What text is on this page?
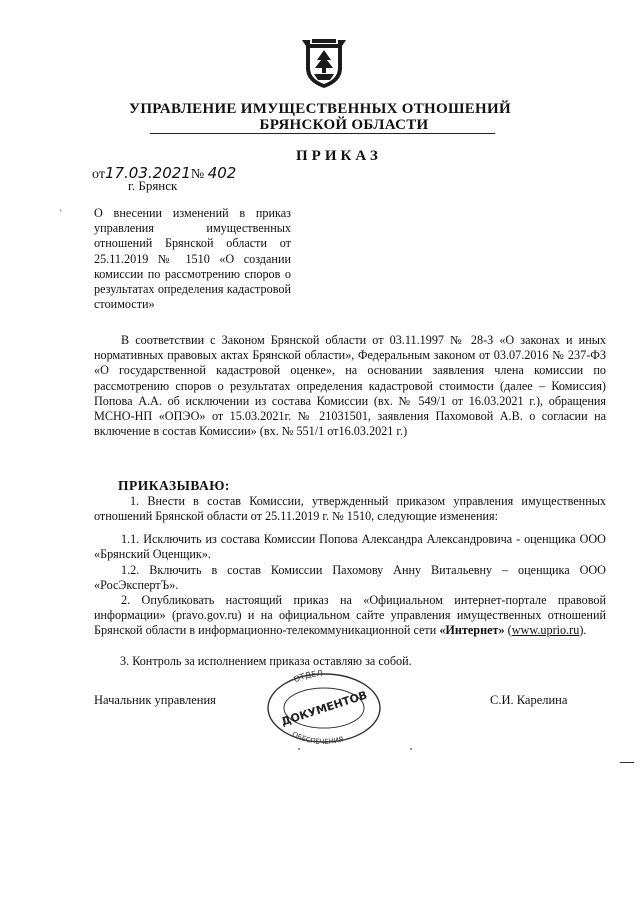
УПРАВЛЕНИЕ ИМУЩЕСТВЕННЫХ ОТНОШЕНИЙ
БРЯНСКОЙ ОБЛАСТИ
ПРИКАЗ
от17.03.2021№ 402
г. Брянск
'	О внесении изменений в приказ управления имущественных отношений Брянской области от 25.11.2019 № 1510 «О создании комиссии по рассмотрению споров о результатах определения кадастровой стоимости»
В соответствии с Законом Брянской области от 03.11.1997 № 28-З «О законах и иных нормативных правовых актах Брянской области», Федеральным законом от 03.07.2016 № 237-ФЗ «О государственной кадастровой оценке», на основании заявления члена комиссии по рассмотрению споров о результатах определения кадастровой стоимости (далее – Комиссия) Попова А.А. об исключении из состава Комиссии (вх. № 549/1 от 16.03.2021 г.), обращения МСНО-НП «ОПЭО» от 15.03.2021г. № 21031501, заявления Пахомовой А.В. о согласии на включение в состав Комиссии» (вх. № 551/1 от16.03.2021 г.)
ПРИКАЗЫВАЮ:
1. Внести в состав Комиссии, утвержденный приказом управления имущественных отношений Брянской области от 25.11.2019 г. № 1510, следующие изменения:
1.1. Исключить из состава Комиссии Попова Александра Александровича - оценщика ООО «Брянский Оценщик».
1.2. Включить в состав Комиссии Пахомову Анну Витальевну – оценщика ООО «РосЭкспертЪ».
2. Опубликовать настоящий приказ на «Официальном интернет-портале правовой информации» (pravo.gov.ru) и на официальном сайте управления имущественных отношений Брянской области в информационно-телекоммуникационной сети «Интернет» (www.uprio.ru).
3. Контроль за исполнением приказа оставляю за собой.
Начальник управления	С.И. Карелина
ОТДЕЛ
ДОКУМЕНТОВ
ОБЕСПЕЧЕНИЯ
